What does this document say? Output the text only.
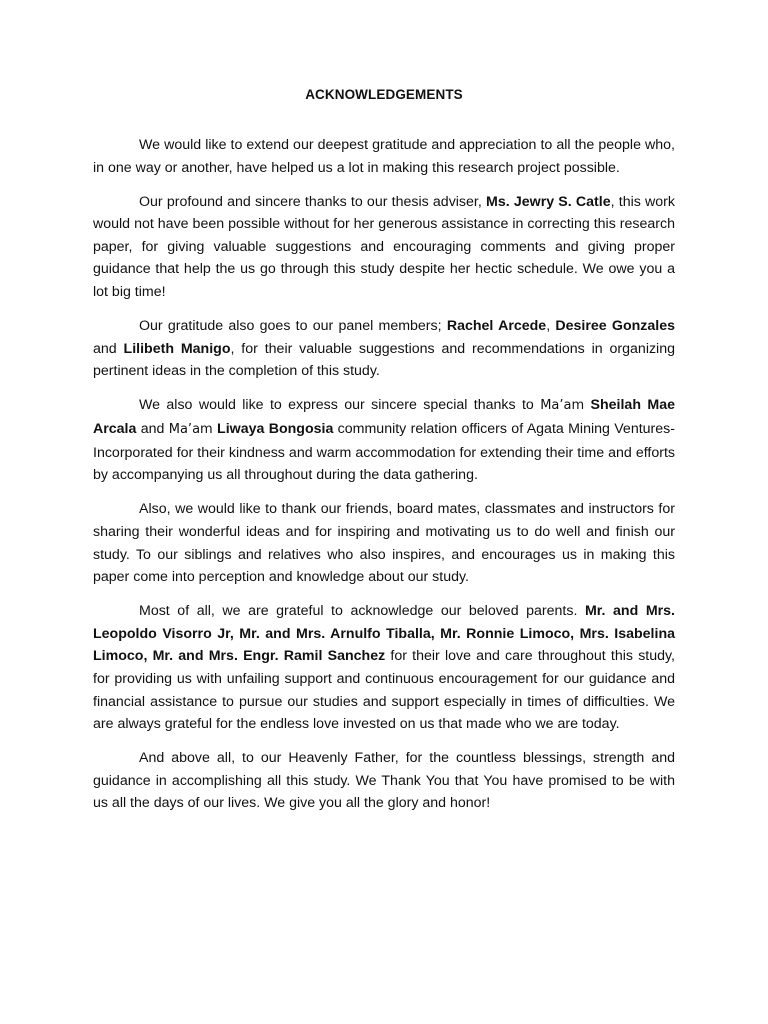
ACKNOWLEDGEMENTS

We would like to extend our deepest gratitude and appreciation to all the people who, in one way or another, have helped us a lot in making this research project possible.

Our profound and sincere thanks to our thesis adviser, Ms. Jewry S. Catle, this work would not have been possible without for her generous assistance in correcting this research paper, for giving valuable suggestions and encouraging comments and giving proper guidance that help the us go through this study despite her hectic schedule. We owe you a lot big time!

Our gratitude also goes to our panel members; Rachel Arcede, Desiree Gonzales and Lilibeth Manigo, for their valuable suggestions and recommendations in organizing pertinent ideas in the completion of this study.

We also would like to express our sincere special thanks to Ma’am Sheilah Mae Arcala and Ma’am Liwaya Bongosia community relation officers of Agata Mining Ventures-Incorporated for their kindness and warm accommodation for extending their time and efforts by accompanying us all throughout during the data gathering.

Also, we would like to thank our friends, board mates, classmates and instructors for sharing their wonderful ideas and for inspiring and motivating us to do well and finish our study. To our siblings and relatives who also inspires, and encourages us in making this paper come into perception and knowledge about our study.

Most of all, we are grateful to acknowledge our beloved parents. Mr. and Mrs. Leopoldo Visorro Jr, Mr. and Mrs. Arnulfo Tiballa, Mr. Ronnie Limoco, Mrs. Isabelina Limoco, Mr. and Mrs. Engr. Ramil Sanchez for their love and care throughout this study, for providing us with unfailing support and continuous encouragement for our guidance and financial assistance to pursue our studies and support especially in times of difficulties. We are always grateful for the endless love invested on us that made who we are today.

And above all, to our Heavenly Father, for the countless blessings, strength and guidance in accomplishing all this study. We Thank You that You have promised to be with us all the days of our lives. We give you all the glory and honor!
